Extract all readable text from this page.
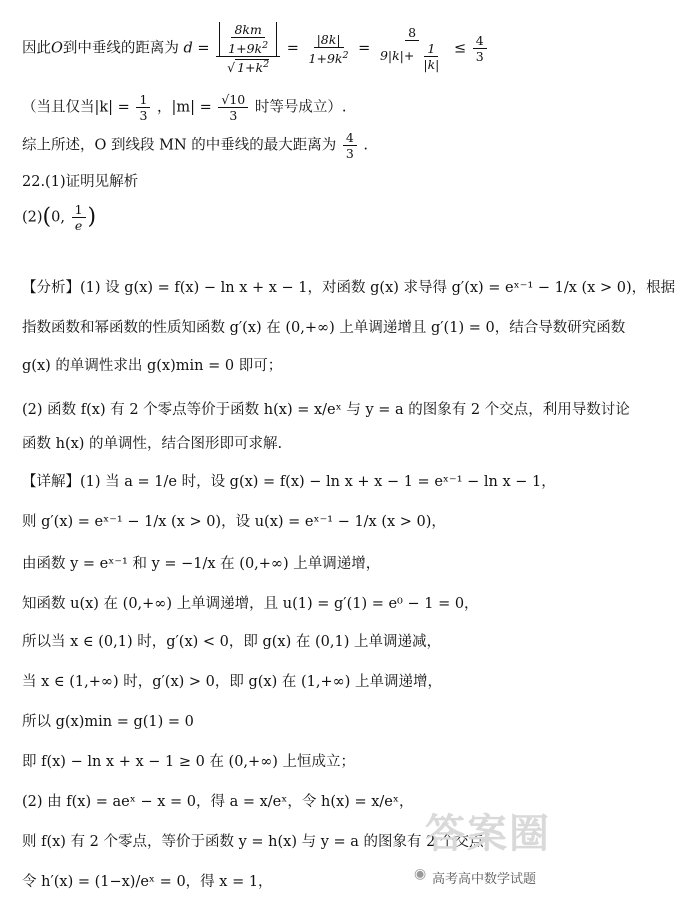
因此O到中垂线的距离为 $d = \frac{\frac{8km}{1+9k^2}}{√ 1+k^2} = \frac{|8k|}{1+9k^2} = \frac{8}{9|k|+ \frac{1}{|k|}} \le \frac{4}{3}$
（当且仅当$|k| = \frac{1}{3}$ ，$|m| = \frac{√10}{3}$ 时等号成立）.
综上所述，O 到线段 MN 的中垂线的最大距离为 $\frac{4}{3}$ .
22.(1)证明见解析
(2)(0, $\frac{1}{e}$ )
【分析】(1) 设 g(x) = f(x) − ln x + x − 1，对函数 g(x) 求导得 g′(x) = eˣ⁻¹ − 1/x (x > 0)，根据
指数函数和幂函数的性质知函数 g′(x) 在 (0,+∞) 上单调递增且 g′(1) = 0，结合导数研究函数
g(x) 的单调性求出 g(x)min = 0 即可；
(2) 函数 f(x) 有 2 个零点等价于函数 h(x) = x/eˣ 与 y = a 的图象有 2 个交点，利用导数讨论
函数 h(x) 的单调性，结合图形即可求解.
【详解】(1) 当 a = 1/e 时，设 g(x) = f(x) − ln x + x − 1 = eˣ⁻¹ − ln x − 1，
则 g′(x) = eˣ⁻¹ − 1/x (x > 0)，设 u(x) = eˣ⁻¹ − 1/x (x > 0)，
由函数 y = eˣ⁻¹ 和 y = −1/x 在 (0,+∞) 上单调递增，
知函数 u(x) 在 (0,+∞) 上单调递增，且 u(1) = g′(1) = e⁰ − 1 = 0，
所以当 x ∈ (0,1) 时，g′(x) < 0，即 g(x) 在 (0,1) 上单调递减，
当 x ∈ (1,+∞) 时，g′(x) > 0，即 g(x) 在 (1,+∞) 上单调递增，
所以 g(x)min = g(1) = 0
即 f(x) − ln x + x − 1 ≥ 0 在 (0,+∞) 上恒成立；
(2) 由 f(x) = aeˣ − x = 0，得 a = x/eˣ，令 h(x) = x/eˣ，
则 f(x) 有 2 个零点，等价于函数 y = h(x) 与 y = a 的图象有 2 个交点，
令 h′(x) = (1−x)/eˣ = 0，得 x = 1，
答案圈
◉ 高考高中数学试题
